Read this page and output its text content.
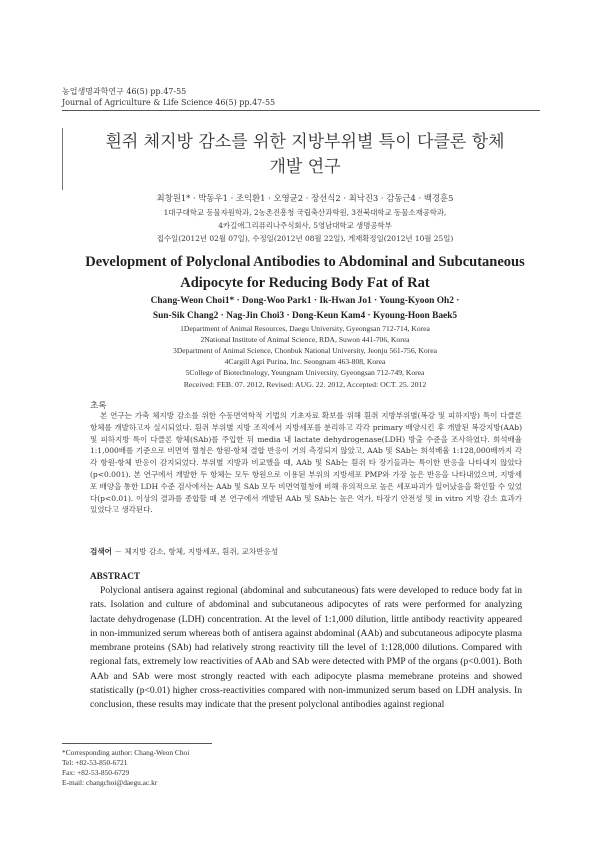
농업생명과학연구 46(5) pp.47-55
Journal of Agriculture & Life Science 46(5) pp.47-55
흰쥐 체지방 감소를 위한 지방부위별 특이 다클론 항체
개발 연구
최창원1* · 박동우1 · 조익환1 · 오영균2 · 장선식2 · 최낙진3 · 감동근4 · 백경훈5
1대구대학교 동물자원학과, 2농촌진흥청 국립축산과학원, 3전북대학교 동물소재공학과,
4카길애그리퓨리나주식회사, 5영남대학교 생명공학부
접수일(2012년 02월 07일), 수정일(2012년 08월 22일), 게재확정일(2012년 10월 25일)
Development of Polyclonal Antibodies to Abdominal and Subcutaneous
Adipocyte for Reducing Body Fat of Rat
Chang-Weon Choi1* · Dong-Woo Park1 · Ik-Hwan Jo1 · Young-Kyoon Oh2 ·
Sun-Sik Chang2 · Nag-Jin Choi3 · Dong-Keun Kam4 · Kyoung-Hoon Baek5
1Department of Animal Resources, Daegu University, Gyeongsan 712-714, Korea
2National Institute of Animal Science, RDA, Suwon 441-706, Korea
3Department of Animal Science, Chonbuk National University, Jeonju 561-756, Korea
4Cargill Agri Purina, Inc. Seongnam 463-808, Korea
5College of Biotechnology, Yeungnam University, Gyeongsan 712-749, Korea
Received: FEB. 07. 2012, Revised: AUG. 22. 2012, Accepted: OCT. 25. 2012
초록

본 연구는 가축 체지방 감소를 위한 수동면역학적 기법의 기초자료 확보를 위해 흰쥐 지방부위별(복강 및 피하지방) 특이 다클론 항체를 개발하고자 실시되었다. 흰쥐 부위별 지방 조직에서 지방세포를 분리하고 각각 primary 배양시킨 후 개발된 복강지방(AAb) 및 피하지방 특이 다클론 항체(SAb)를 주입한 뒤 media 내 lactate dehydrogenase(LDH) 방출 수준을 조사하였다. 희석배율 1:1,000배를 기준으로 비면역 혈청은 항원-항체 결합 반응이 거의 측정되지 않았고, AAb 및 SAb는 희석배율 1:128,000배까지 각각 항원-항체 반응이 감지되었다. 부위별 지방과 비교했을 때, AAb 및 SAb는 흰쥐 타 장기들과는 특이한 반응을 나타내지 않았다(p<0.001). 본 연구에서 개발한 두 항체는 모두 항원으로 이용된 부위의 지방세포 PMP와 가장 높은 반응을 나타내었으며, 지방세포 배양을 통한 LDH 수준 검사에서는 AAb 및 SAb 모두 비면역혈청에 비해 유의적으로 높은 세포파괴가 일어났음을 확인할 수 있었다(p<0.01). 이상의 결과를 종합할 때 본 연구에서 개발된 AAb 및 SAb는 높은 역가, 타장기 안전성 및 in vitro 지방 감소 효과가 있었다고 생각된다.

검색어 － 체지방 감소, 항체, 지방세포, 흰쥐, 교차반응성
ABSTRACT

Polyclonal antisera against regional (abdominal and subcutaneous) fats were developed to reduce body fat in rats. Isolation and culture of abdominal and subcutaneous adipocytes of rats were performed for analyzing lactate dehydrogenase (LDH) concentration. At the level of 1:1,000 dilution, little antibody reactivity appeared in non-immunized serum whereas both of antisera against abdominal (AAb) and subcutaneous adipocyte plasma membrane proteins (SAb) had relatively strong reactivity till the level of 1:128,000 dilutions. Compared with regional fats, extremely low reactivities of AAb and SAb were detected with PMP of the organs (p<0.001). Both AAb and SAb were most strongly reacted with each adipocyte plasma memebrane proteins and showed statistically (p<0.01) higher cross-reactivities compared with non-immunized serum based on LDH analysis. In conclusion, these results may indicate that the present polyclonal antibodies against regional

*Corresponding author: Chang-Weon Choi
Tel: +82-53-850-6721
Fax: +82-53-850-6729
E-mail: changchoi@daegu.ac.kr
